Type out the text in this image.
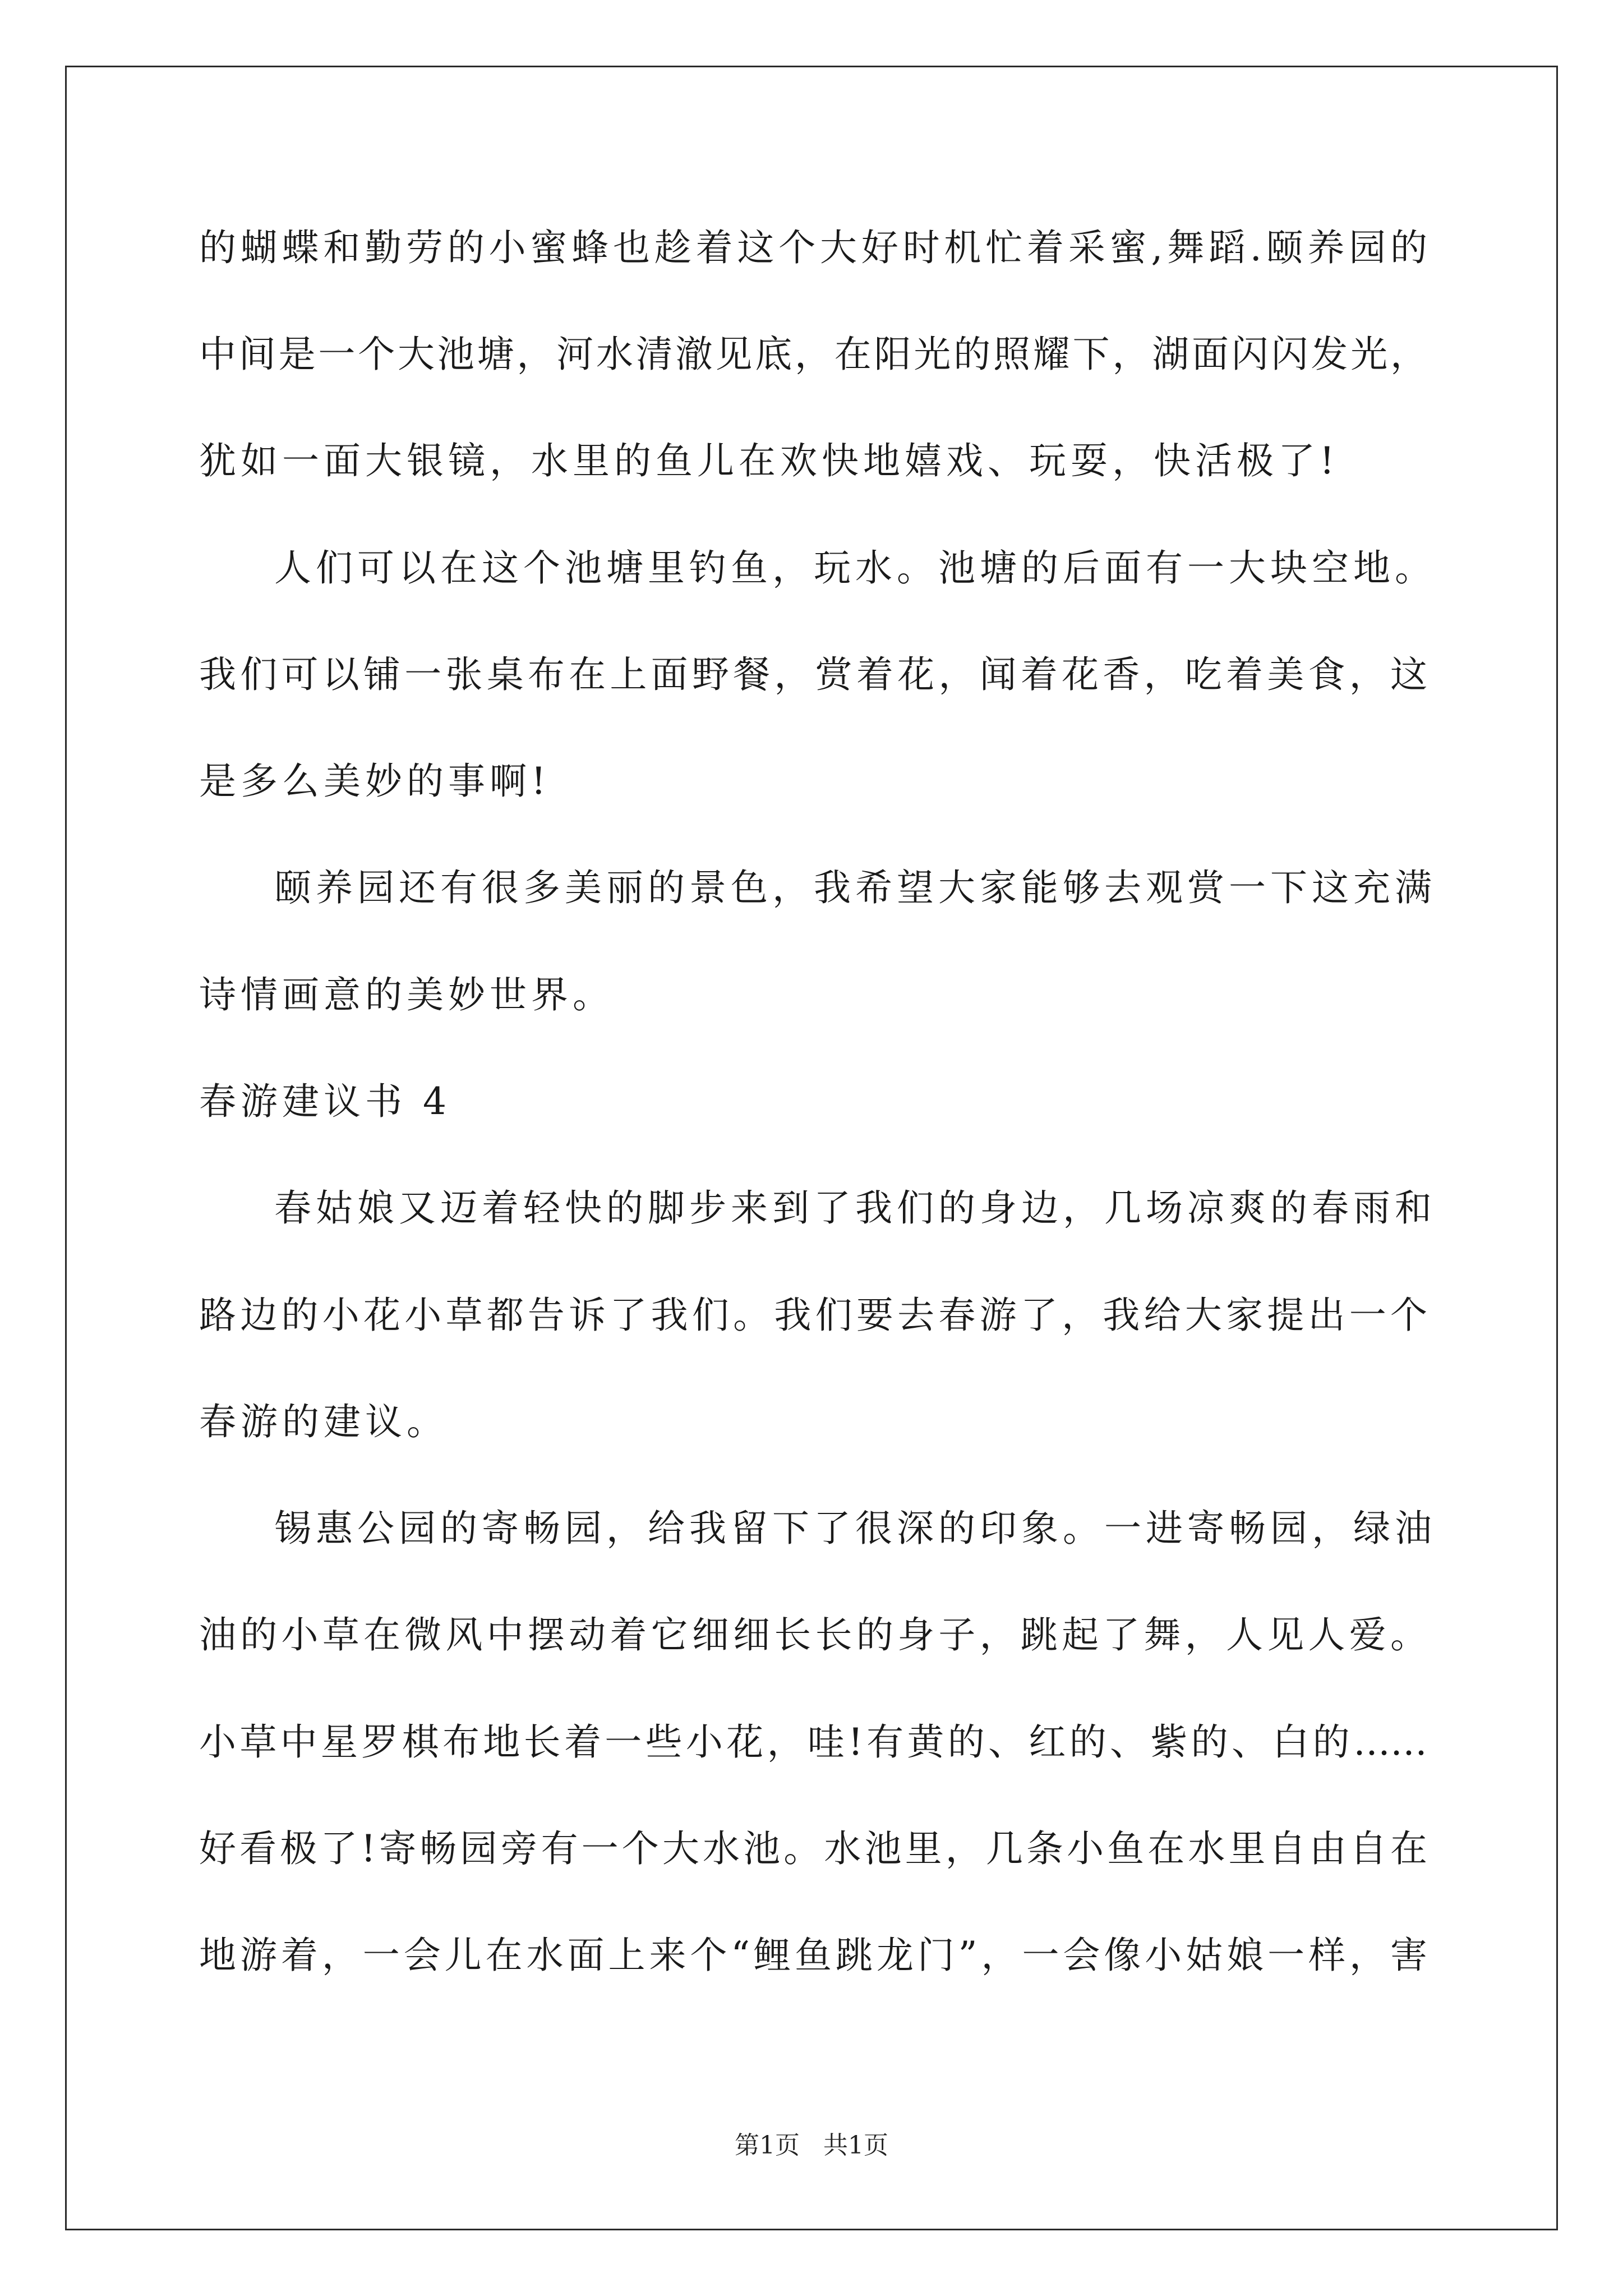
的蝴蝶和勤劳的小蜜蜂也趁着这个大好时机忙着采蜜,舞蹈.颐养园的
中间是一个大池塘，河水清澈见底，在阳光的照耀下，湖面闪闪发光，
犹如一面大银镜，水里的鱼儿在欢快地嬉戏、玩耍，快活极了!
人们可以在这个池塘里钓鱼，玩水。池塘的后面有一大块空地。
我们可以铺一张桌布在上面野餐，赏着花，闻着花香，吃着美食，这
是多么美妙的事啊!
颐养园还有很多美丽的景色，我希望大家能够去观赏一下这充满
诗情画意的美妙世界。
春游建议书 4
春姑娘又迈着轻快的脚步来到了我们的身边，几场凉爽的春雨和
路边的小花小草都告诉了我们。我们要去春游了，我给大家提出一个
春游的建议。
锡惠公园的寄畅园，给我留下了很深的印象。一进寄畅园，绿油
油的小草在微风中摆动着它细细长长的身子，跳起了舞，人见人爱。
小草中星罗棋布地长着一些小花，哇!有黄的、红的、紫的、白的……
好看极了!寄畅园旁有一个大水池。水池里，几条小鱼在水里自由自在
地游着，一会儿在水面上来个“鲤鱼跳龙门”，一会像小姑娘一样，害
第1页 共1页
